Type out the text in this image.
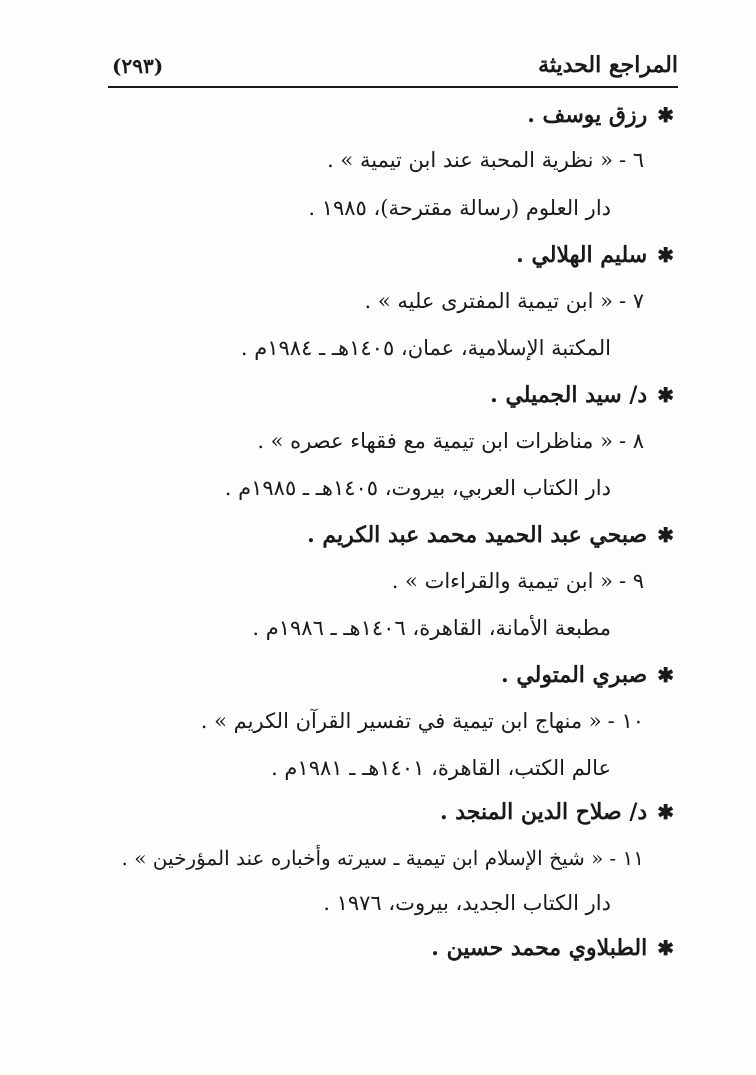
المراجع الحديثة
(٢٩٣)
✱رزق يوسف .
٦ -« نظرية المحبة عند ابن تيمية » .
دار العلوم (رسالة مقترحة)، ١٩٨٥ .
✱سليم الهلالي .
٧ -« ابن تيمية المفترى عليه » .
المكتبة الإسلامية، عمان، ١٤٠٥هـ ـ ١٩٨٤م .
✱د/ سيد الجميلي .
٨ -« مناظرات ابن تيمية مع فقهاء عصره » .
دار الكتاب العربي، بيروت، ١٤٠٥هـ ـ ١٩٨٥م .
✱صبحي عبد الحميد محمد عبد الكريم .
٩ -« ابن تيمية والقراءات » .
مطبعة الأمانة، القاهرة، ١٤٠٦هـ ـ ١٩٨٦م .
✱صبري المتولي .
١٠ -« منهاج ابن تيمية في تفسير القرآن الكريم » .
عالم الكتب، القاهرة، ١٤٠١هـ ـ ١٩٨١م .
✱د/ صلاح الدين المنجد .
١١ -« شيخ الإسلام ابن تيمية ـ سيرته وأخباره عند المؤرخين » .
دار الكتاب الجديد، بيروت، ١٩٧٦ .
✱الطبلاوي محمد حسين .
